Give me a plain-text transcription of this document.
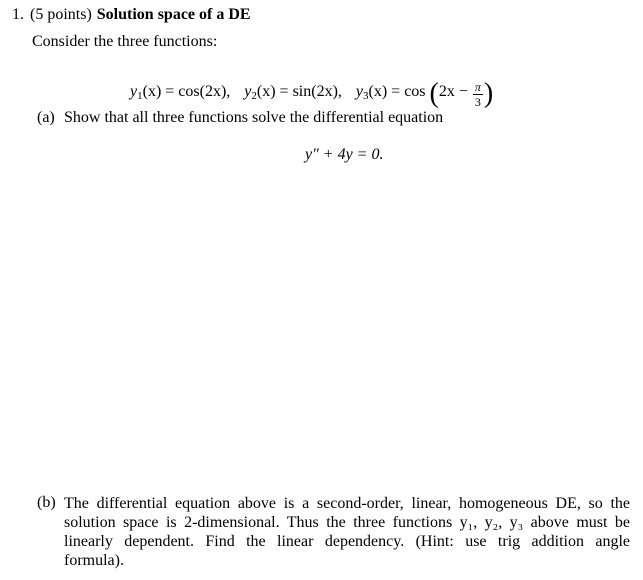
1. (5 points) Solution space of a DE
Consider the three functions:
$y_1(x) = \cos(2x)$, $y_2(x) = \sin(2x)$, $y_3(x) = \cos (2x - \frac{\pi}{3}$ )
(a) Show that all three functions solve the differential equation
y″ + 4y = 0.
(b) The differential equation above is a second-order, linear, homogeneous DE, so the

solution space is 2-dimensional. Thus the three functions y₁, y₂, y₃ above must be

linearly dependent. Find the linear dependency. (Hint: use trig addition angle

formula).
